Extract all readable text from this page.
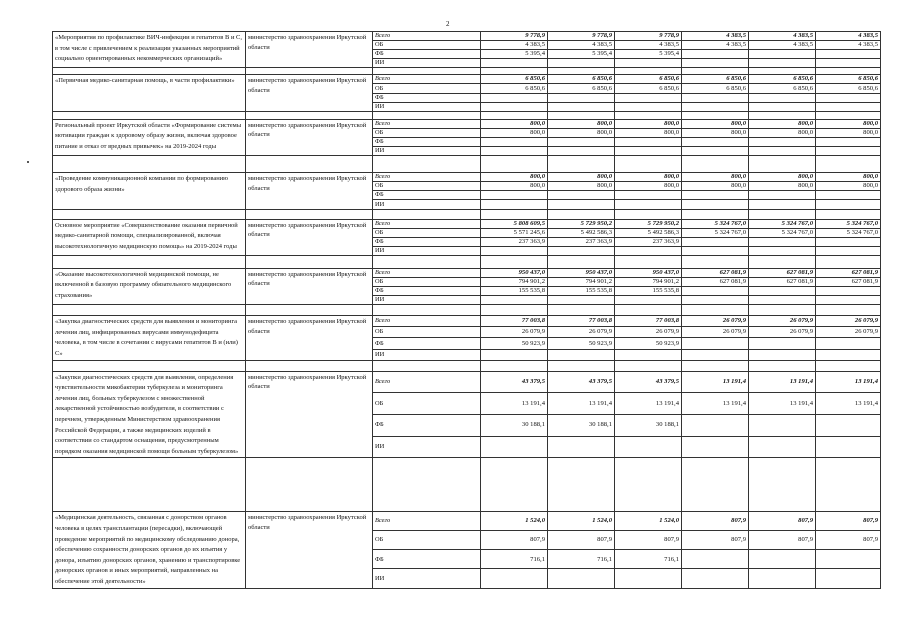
2
«Мероприятия по профилактике ВИЧ-инфекции и гепатитов В и С, в том числе с привлечением к реализации указанных мероприятий социально ориентированных некоммерческих организаций»	министерство здравоохранения Иркутской области	Всего	9 778,9	9 778,9	9 778,9	4 383,5	4 383,5	4 383,5
		ОБ	4 383,5	4 383,5	4 383,5	4 383,5	4 383,5	4 383,5
		ФБ	5 395,4	5 395,4	5 395,4			
		ИИ						

«Первичная медико-санитарная помощь, в части профилактики»	министерство здравоохранения Иркутской области	Всего	6 850,6	6 850,6	6 850,6	6 850,6	6 850,6	6 850,6
		ОБ	6 850,6	6 850,6	6 850,6	6 850,6	6 850,6	6 850,6
		ФБ						
		ИИ						

Региональный проект Иркутской области «Формирование системы мотивации граждан к здоровому образу жизни, включая здоровое питание и отказ от вредных привычек» на 2019-2024 годы	министерство здравоохранения Иркутской области	Всего	800,0	800,0	800,0	800,0	800,0	800,0
		ОБ	800,0	800,0	800,0	800,0	800,0	800,0
		ФБ						
		ИИ						

«Проведение коммуникационной компании по формированию здорового образа жизни»	министерство здравоохранения Иркутской области	Всего	800,0	800,0	800,0	800,0	800,0	800,0
		ОБ	800,0	800,0	800,0	800,0	800,0	800,0
		ФБ						
		ИИ						

Основное мероприятие «Совершенствование оказания первичной медико-санитарной помощи, специализированной, включая высокотехнологичную медицинскую помощь» на 2019-2024 годы	министерство здравоохранения Иркутской области	Всего	5 808 609,5	5 729 950,2	5 729 950,2	5 324 767,0	5 324 767,0	5 324 767,0
		ОБ	5 571 245,6	5 492 586,3	5 492 586,3	5 324 767,0	5 324 767,0	5 324 767,0
		ФБ	237 363,9	237 363,9	237 363,9			
		ИИ						

«Оказание высокотехнологичной медицинской помощи, не включенной в базовую программу обязательного медицинского страхования»	министерство здравоохранения Иркутской области	Всего	950 437,0	950 437,0	950 437,0	627 081,9	627 081,9	627 081,9
		ОБ	794 901,2	794 901,2	794 901,2	627 081,9	627 081,9	627 081,9
		ФБ	155 535,8	155 535,8	155 535,8			
		ИИ						

«Закупка диагностических средств для выявления и мониторинга лечения лиц, инфицированных вирусами иммунодефицита человека, в том числе в сочетании с вирусами гепатитов В и (или) С»	министерство здравоохранения Иркутской области	Всего	77 003,8	77 003,8	77 003,8	26 079,9	26 079,9	26 079,9
		ОБ	26 079,9	26 079,9	26 079,9	26 079,9	26 079,9	26 079,9
		ФБ	50 923,9	50 923,9	50 923,9			
		ИИ						

«Закупки диагностических средств для выявления, определения чувствительности микобактерии туберкулеза и мониторинга лечения лиц, больных туберкулезом с множественной лекарственной устойчивостью возбудителя, в соответствии с перечнем, утвержденным Министерством здравоохранения Российской Федерации, а также медицинских изделий в соответствии со стандартом оснащения, предусмотренным порядком оказания медицинской помощи больным туберкулезом»	министерство здравоохранения Иркутской области	Всего	43 379,5	43 379,5	43 379,5	13 191,4	13 191,4	13 191,4
		ОБ	13 191,4	13 191,4	13 191,4	13 191,4	13 191,4	13 191,4
		ФБ	30 188,1	30 188,1	30 188,1			
		ИИ						

«Медицинская деятельность, связанная с донорством органов человека в целях трансплантации (пересадки), включающей проведение мероприятий по медицинскому обследованию донора, обеспечению сохранности донорских органов до их изъятия у донора, изъятию донорских органов, хранению и транспортировке донорских органов и иных мероприятий, направленных на обеспечение этой деятельности»	министерство здравоохранения Иркутской области	Всего	1 524,0	1 524,0	1 524,0	807,9	807,9	807,9
		ОБ	807,9	807,9	807,9	807,9	807,9	807,9
		ФБ	716,1	716,1	716,1			
		ИИ						
